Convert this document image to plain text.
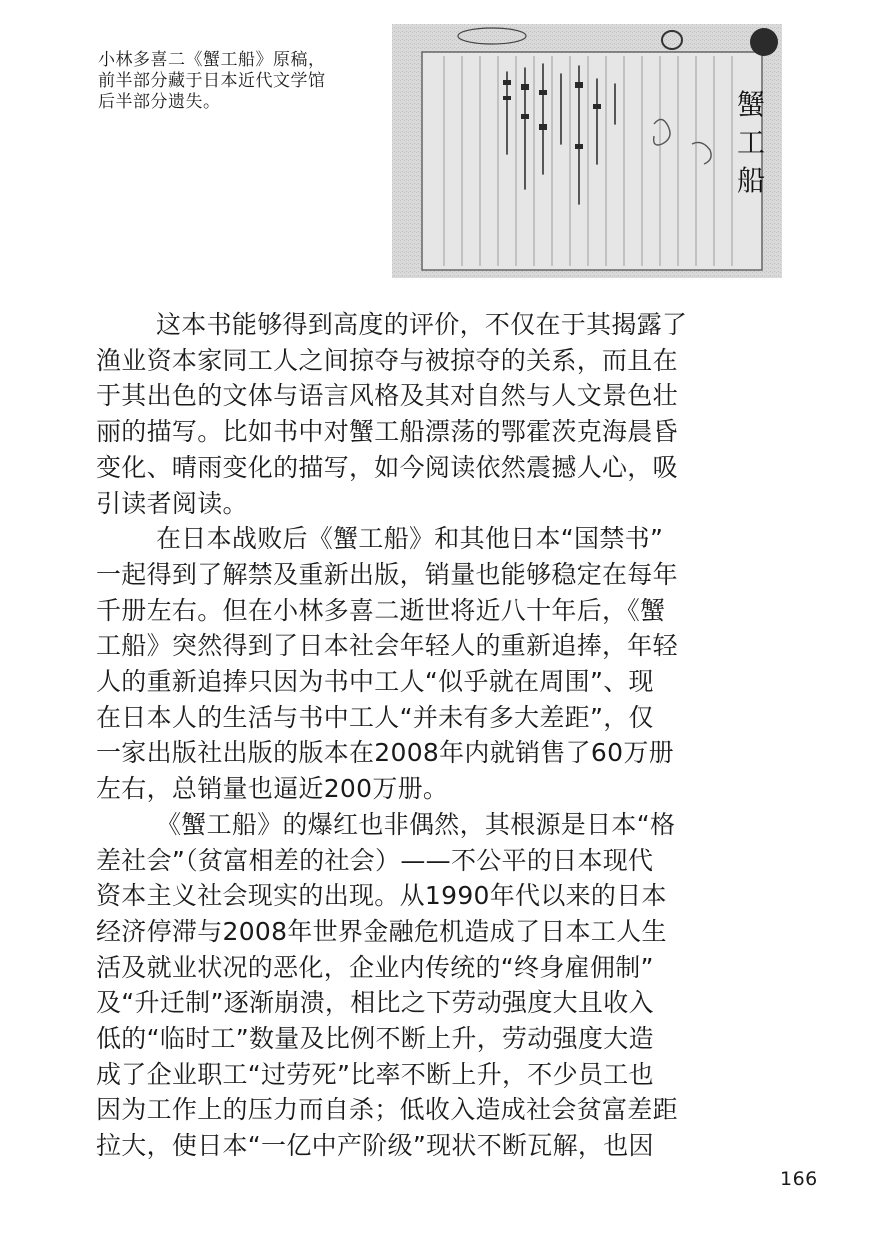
小林多喜二《蟹工船》原稿，
前半部分藏于日本近代文学馆
后半部分遗失。	蟹
工
船
这本书能够得到高度的评价，不仅在于其揭露了
渔业资本家同工人之间掠夺与被掠夺的关系，而且在
于其出色的文体与语言风格及其对自然与人文景色壮
丽的描写。比如书中对蟹工船漂荡的鄂霍茨克海晨昏
变化、晴雨变化的描写，如今阅读依然震撼人心，吸
引读者阅读。
在日本战败后《蟹工船》和其他日本“国禁书”
一起得到了解禁及重新出版，销量也能够稳定在每年
千册左右。但在小林多喜二逝世将近八十年后，《蟹
工船》突然得到了日本社会年轻人的重新追捧，年轻
人的重新追捧只因为书中工人“似乎就在周围”、现
在日本人的生活与书中工人“并未有多大差距”，仅
一家出版社出版的版本在2008年内就销售了60万册
左右，总销量也逼近200万册。
《蟹工船》的爆红也非偶然，其根源是日本“格
差社会”（贫富相差的社会）——不公平的日本现代
资本主义社会现实的出现。从1990年代以来的日本
经济停滞与2008年世界金融危机造成了日本工人生
活及就业状况的恶化，企业内传统的“终身雇佣制”
及“升迁制”逐渐崩溃，相比之下劳动强度大且收入
低的“临时工”数量及比例不断上升，劳动强度大造
成了企业职工“过劳死”比率不断上升，不少员工也
因为工作上的压力而自杀；低收入造成社会贫富差距
拉大，使日本“一亿中产阶级”现状不断瓦解，也因
166
